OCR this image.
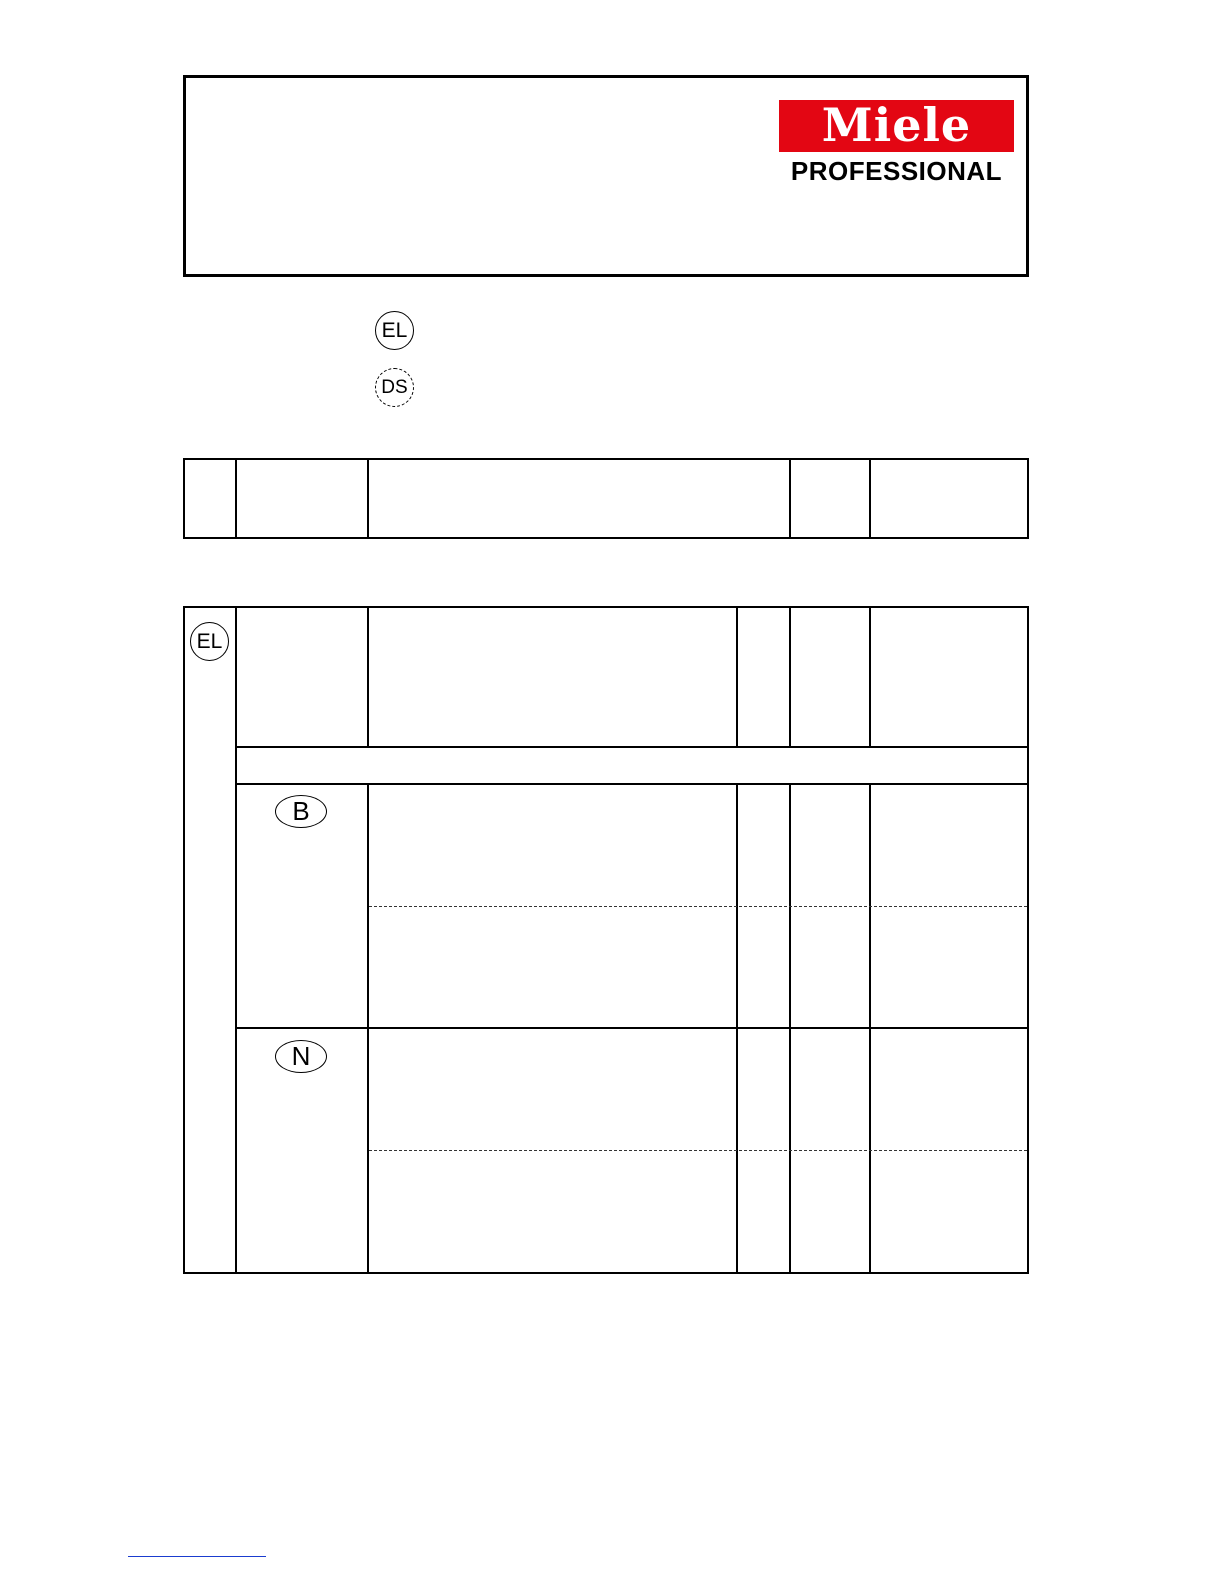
Miele
PROFESSIONAL
EL
DS
EL
B
N
